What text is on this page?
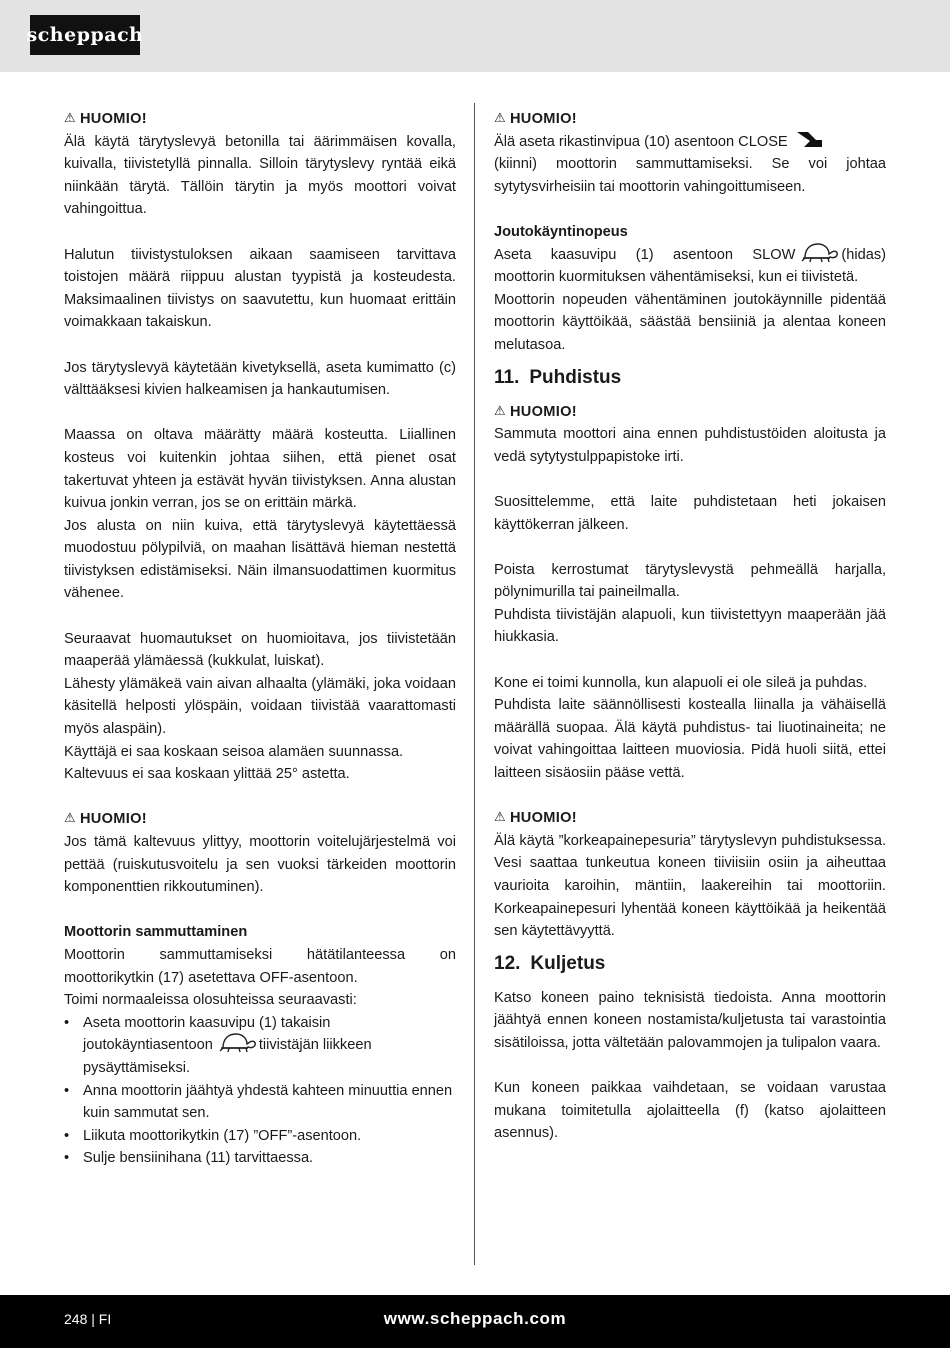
scheppach

⚠ HUOMIO!

Älä käytä tärytyslevyä betonilla tai äärimmäisen kovalla, kuivalla, tiivistetyllä pinnalla. Silloin tärytyslevy ryntää eikä niinkään tärytä. Tällöin tärytin ja myös moottori voivat vahingoittua.

Halutun tiivistystuloksen aikaan saamiseen tarvittava toistojen määrä riippuu alustan tyypistä ja kosteudesta. Maksimaalinen tiivistys on saavutettu, kun huomaat erittäin voimakkaan takaiskun.

Jos tärytyslevyä käytetään kivetyksellä, aseta kumimatto (c) välttääksesi kivien halkeamisen ja hankautumisen.

Maassa on oltava määrätty määrä kosteutta. Liiallinen kosteus voi kuitenkin johtaa siihen, että pienet osat takertuvat yhteen ja estävät hyvän tiivistyksen. Anna alustan kuivua jonkin verran, jos se on erittäin märkä.

Jos alusta on niin kuiva, että tärytyslevyä käytettäessä muodostuu pölypilviä, on maahan lisättävä hieman nestettä tiivistyksen edistämiseksi. Näin ilmansuodattimen kuormitus vähenee.

Seuraavat huomautukset on huomioitava, jos tiivistetään maaperää ylämäessä (kukkulat, luiskat).

Lähesty ylämäkeä vain aivan alhaalta (ylämäki, joka voidaan käsitellä helposti ylöspäin, voidaan tiivistää vaarattomasti myös alaspäin).

Käyttäjä ei saa koskaan seisoa alamäen suunnassa.

Kaltevuus ei saa koskaan ylittää 25° astetta.

⚠ HUOMIO!

Jos tämä kaltevuus ylittyy, moottorin voitelujärjestelmä voi pettää (ruiskutusvoitelu ja sen vuoksi tärkeiden moottorin komponenttien rikkoutuminen).

Moottorin sammuttaminen

Moottorin sammuttamiseksi hätätilanteessa on moottorikytkin (17) asetettava OFF-asentoon.

Toimi normaaleissa olosuhteissa seuraavasti:

• Aseta moottorin kaasuvipu (1) takaisin joutokäyntiasentoon	tiivistäjän liikkeen pysäyttämiseksi.
• Anna moottorin jäähtyä yhdestä kahteen minuuttia ennen kuin sammutat sen.
• Liikuta moottorikytkin (17) ”OFF”-asentoon.
• Sulje bensiinihana (11) tarvittaessa.

⚠ HUOMIO!

Älä aseta rikastinvipua (10) asentoon CLOSE

(kiinni) moottorin sammuttamiseksi. Se voi johtaa sytytysvirheisiin tai moottorin vahingoittumiseen.

Joutokäyntinopeus

Aseta kaasuvipu (1) asentoon SLOW	(hidas) moottorin kuormituksen vähentämiseksi, kun ei tiivistetä.

Moottorin nopeuden vähentäminen joutokäynnille pidentää moottorin käyttöikää, säästää bensiiniä ja alentaa koneen melutasoa.

11. Puhdistus

⚠ HUOMIO!

Sammuta moottori aina ennen puhdistustöiden aloitusta ja vedä sytytystulppapistoke irti.

Suosittelemme, että laite puhdistetaan heti jokaisen käyttökerran jälkeen.

Poista kerrostumat tärytyslevystä pehmeällä harjalla, pölynimurilla tai paineilmalla.

Puhdista tiivistäjän alapuoli, kun tiivistettyyn maaperään jää hiukkasia.

Kone ei toimi kunnolla, kun alapuoli ei ole sileä ja puhdas.

Puhdista laite säännöllisesti kostealla liinalla ja vähäisellä määrällä suopaa. Älä käytä puhdistus- tai liuotinaineita; ne voivat vahingoittaa laitteen muoviosia. Pidä huoli siitä, ettei laitteen sisäosiin pääse vettä.

⚠ HUOMIO!

Älä käytä ”korkeapainepesuria” tärytyslevyn puhdistuksessa. Vesi saattaa tunkeutua koneen tiiviisiin osiin ja aiheuttaa vaurioita karoihin, mäntiin, laakereihin tai moottoriin. Korkeapainepesuri lyhentää koneen käyttöikää ja heikentää sen käytettävyyttä.

12. Kuljetus

Katso koneen paino teknisistä tiedoista. Anna moottorin jäähtyä ennen koneen nostamista/kuljetusta tai varastointia sisätiloissa, jotta vältetään palovammojen ja tulipalon vaara.

Kun koneen paikkaa vaihdetaan, se voidaan varustaa mukana toimitetulla ajolaitteella (f) (katso ajolaitteen asennus).

248 | FI	www.scheppach.com
